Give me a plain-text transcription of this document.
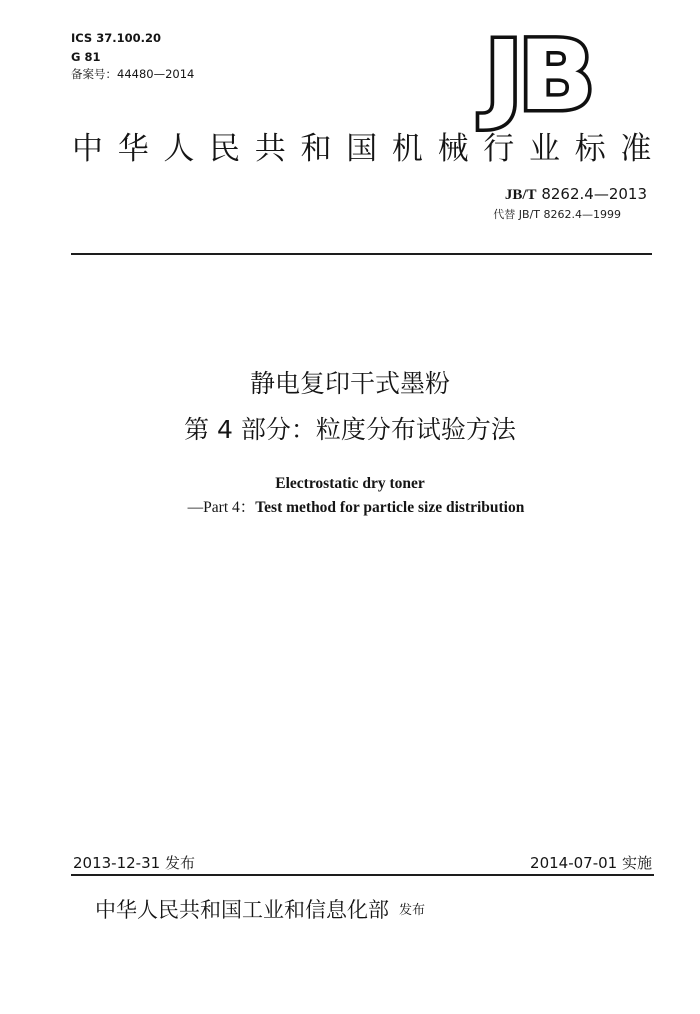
ICS 37.100.20
G 81
备案号：44480—2014	JB
中华人民共和国机械行业标准
JB/T 8262.4—2013
代替 JB/T 8262.4—1999
静电复印干式墨粉
第 4 部分：粒度分布试验方法
Electrostatic dry toner
—Part 4：Test method for particle size distribution
2013-12-31 发布	2014-07-01 实施
中华人民共和国工业和信息化部 发布
